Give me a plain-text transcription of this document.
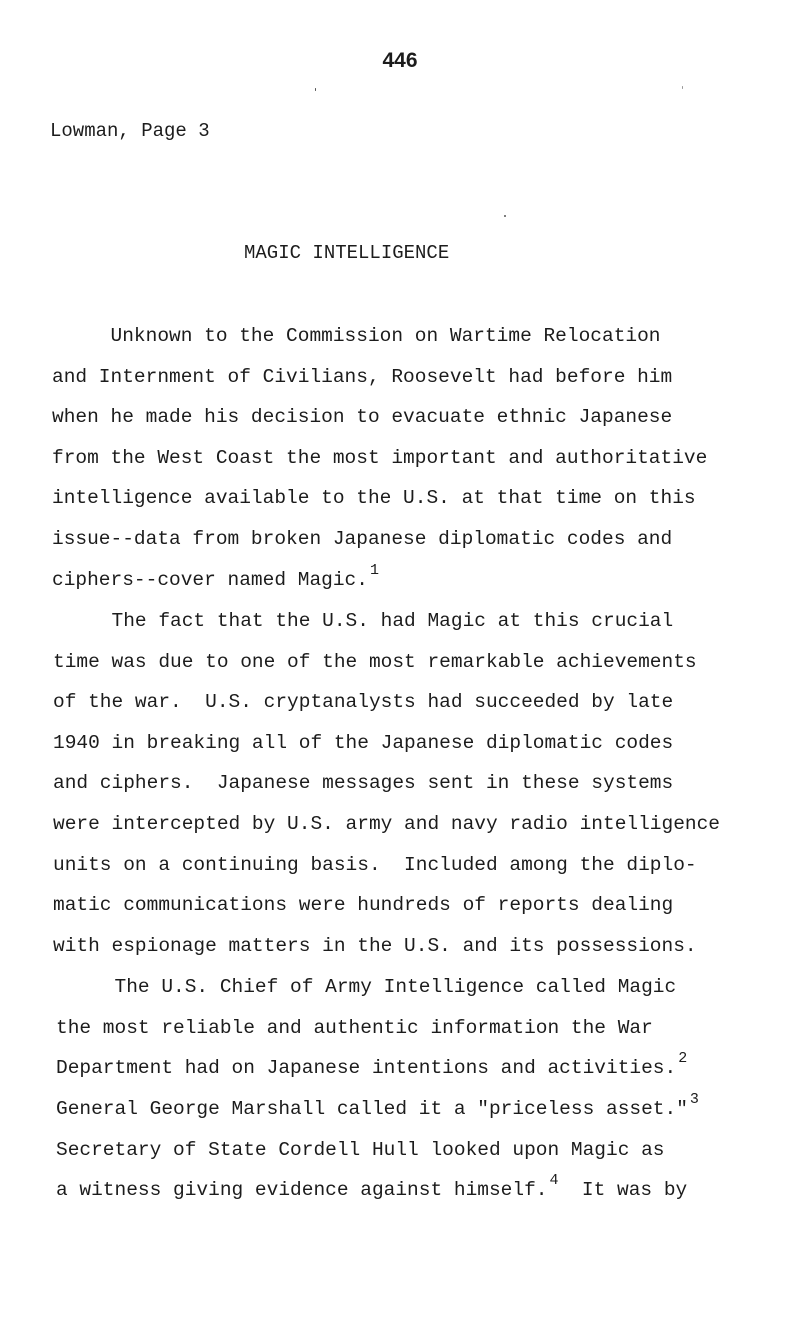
446
Lowman, Page 3
MAGIC INTELLIGENCE
Unknown to the Commission on Wartime Relocation
and Internment of Civilians, Roosevelt had before him
when he made his decision to evacuate ethnic Japanese
from the West Coast the most important and authoritative
intelligence available to the U.S. at that time on this
issue--data from broken Japanese diplomatic codes and
ciphers--cover named Magic. $^1$
The fact that the U.S. had Magic at this crucial
time was due to one of the most remarkable achievements
of the war.  U.S. cryptanalysts had succeeded by late
1940 in breaking all of the Japanese diplomatic codes
and ciphers.  Japanese messages sent in these systems
were intercepted by U.S. army and navy radio intelligence
units on a continuing basis.  Included among the diplo-
matic communications were hundreds of reports dealing
with espionage matters in the U.S. and its possessions.
The U.S. Chief of Army Intelligence called Magic
the most reliable and authentic information the War
Department had on Japanese intentions and activities. $^2$
General George Marshall called it a "priceless asset." $^3$
Secretary of State Cordell Hull looked upon Magic as
a witness giving evidence against himself. $^4$  It was by
